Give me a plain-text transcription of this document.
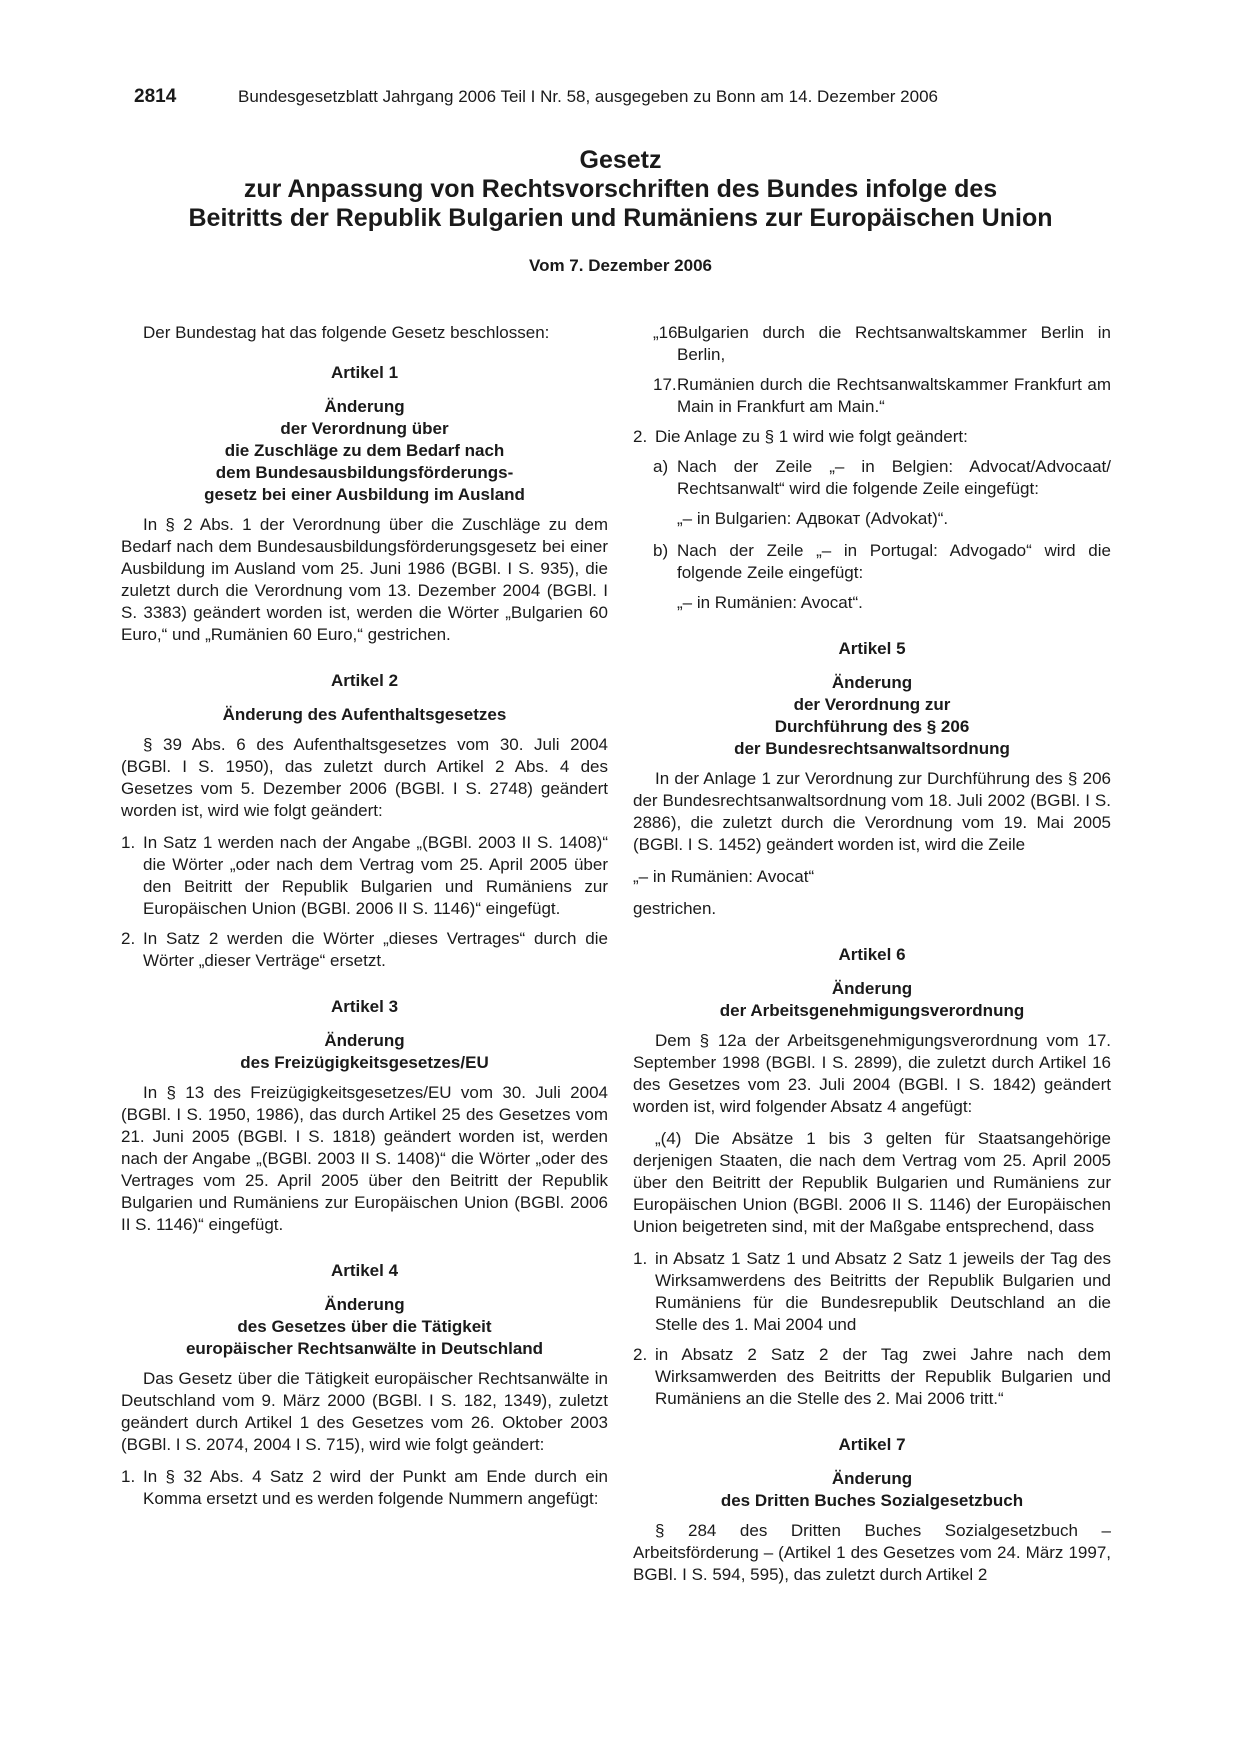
2814	Bundesgesetzblatt Jahrgang 2006 Teil I Nr. 58, ausgegeben zu Bonn am 14. Dezember 2006
Gesetz
zur Anpassung von Rechtsvorschriften des Bundes infolge des
Beitritts der Republik Bulgarien und Rumäniens zur Europäischen Union
Vom 7. Dezember 2006
Der Bundestag hat das folgende Gesetz beschlossen:
Artikel 1
Änderung
der Verordnung über
die Zuschläge zu dem Bedarf nach
dem Bundesausbildungsförderungs-
gesetz bei einer Ausbildung im Ausland
In § 2 Abs. 1 der Verordnung über die Zuschläge zu dem Bedarf nach dem Bundesausbildungsförderungsgesetz bei einer Ausbildung im Ausland vom 25. Juni 1986 (BGBl. I S. 935), die zuletzt durch die Verordnung vom 13. Dezember 2004 (BGBl. I S. 3383) geändert worden ist, werden die Wörter „Bulgarien 60 Euro,“ und „Rumänien 60 Euro,“ gestrichen.
Artikel 2
Änderung des Aufenthaltsgesetzes
§ 39 Abs. 6 des Aufenthaltsgesetzes vom 30. Juli 2004 (BGBl. I S. 1950), das zuletzt durch Artikel 2 Abs. 4 des Gesetzes vom 5. Dezember 2006 (BGBl. I S. 2748) geändert worden ist, wird wie folgt geändert:
1. In Satz 1 werden nach der Angabe „(BGBl. 2003 II S. 1408)“ die Wörter „oder nach dem Vertrag vom 25. April 2005 über den Beitritt der Republik Bulgarien und Rumäniens zur Europäischen Union (BGBl. 2006 II S. 1146)“ eingefügt.
2. In Satz 2 werden die Wörter „dieses Vertrages“ durch die Wörter „dieser Verträge“ ersetzt.
Artikel 3
Änderung
des Freizügigkeitsgesetzes/EU
In § 13 des Freizügigkeitsgesetzes/EU vom 30. Juli 2004 (BGBl. I S. 1950, 1986), das durch Artikel 25 des Gesetzes vom 21. Juni 2005 (BGBl. I S. 1818) geändert worden ist, werden nach der Angabe „(BGBl. 2003 II S. 1408)“ die Wörter „oder des Vertrages vom 25. April 2005 über den Beitritt der Republik Bulgarien und Rumäniens zur Europäischen Union (BGBl. 2006 II S. 1146)“ eingefügt.
Artikel 4
Änderung
des Gesetzes über die Tätigkeit
europäischer Rechtsanwälte in Deutschland
Das Gesetz über die Tätigkeit europäischer Rechtsanwälte in Deutschland vom 9. März 2000 (BGBl. I S. 182, 1349), zuletzt geändert durch Artikel 1 des Gesetzes vom 26. Oktober 2003 (BGBl. I S. 2074, 2004 I S. 715), wird wie folgt geändert:
1. In § 32 Abs. 4 Satz 2 wird der Punkt am Ende durch ein Komma ersetzt und es werden folgende Nummern angefügt:
„16.
Bulgarien durch die Rechtsanwaltskammer Berlin in Berlin,
17. Rumänien durch die Rechtsanwaltskammer Frankfurt am Main in Frankfurt am Main.“
2. Die Anlage zu § 1 wird wie folgt geändert:
a) Nach der Zeile „– in Belgien: Advocat/Advocaat/ Rechtsanwalt“ wird die folgende Zeile eingefügt:
„– in Bulgarien: Адвокат (Advokat)“.
b) Nach der Zeile „– in Portugal: Advogado“ wird die folgende Zeile eingefügt:
„– in Rumänien: Avocat“.
Artikel 5
Änderung
der Verordnung zur
Durchführung des § 206
der Bundesrechtsanwaltsordnung
In der Anlage 1 zur Verordnung zur Durchführung des § 206 der Bundesrechtsanwaltsordnung vom 18. Juli 2002 (BGBl. I S. 2886), die zuletzt durch die Verordnung vom 19. Mai 2005 (BGBl. I S. 1452) geändert worden ist, wird die Zeile
„– in Rumänien: Avocat“
gestrichen.
Artikel 6
Änderung
der Arbeitsgenehmigungsverordnung
Dem § 12a der Arbeitsgenehmigungsverordnung vom 17. September 1998 (BGBl. I S. 2899), die zuletzt durch Artikel 16 des Gesetzes vom 23. Juli 2004 (BGBl. I S. 1842) geändert worden ist, wird folgender Absatz 4 angefügt:
„(4) Die Absätze 1 bis 3 gelten für Staatsangehörige derjenigen Staaten, die nach dem Vertrag vom 25. April 2005 über den Beitritt der Republik Bulgarien und Rumäniens zur Europäischen Union (BGBl. 2006 II S. 1146) der Europäischen Union beigetreten sind, mit der Maßgabe entsprechend, dass
1. in Absatz 1 Satz 1 und Absatz 2 Satz 1 jeweils der Tag des Wirksamwerdens des Beitritts der Republik Bulgarien und Rumäniens für die Bundesrepublik Deutschland an die Stelle des 1. Mai 2004 und
2. in Absatz 2 Satz 2 der Tag zwei Jahre nach dem Wirksamwerden des Beitritts der Republik Bulgarien und Rumäniens an die Stelle des 2. Mai 2006 tritt.“
Artikel 7
Änderung
des Dritten Buches Sozialgesetzbuch
§ 284 des Dritten Buches Sozialgesetzbuch – Arbeitsförderung – (Artikel 1 des Gesetzes vom 24. März 1997, BGBl. I S. 594, 595), das zuletzt durch Artikel 2
